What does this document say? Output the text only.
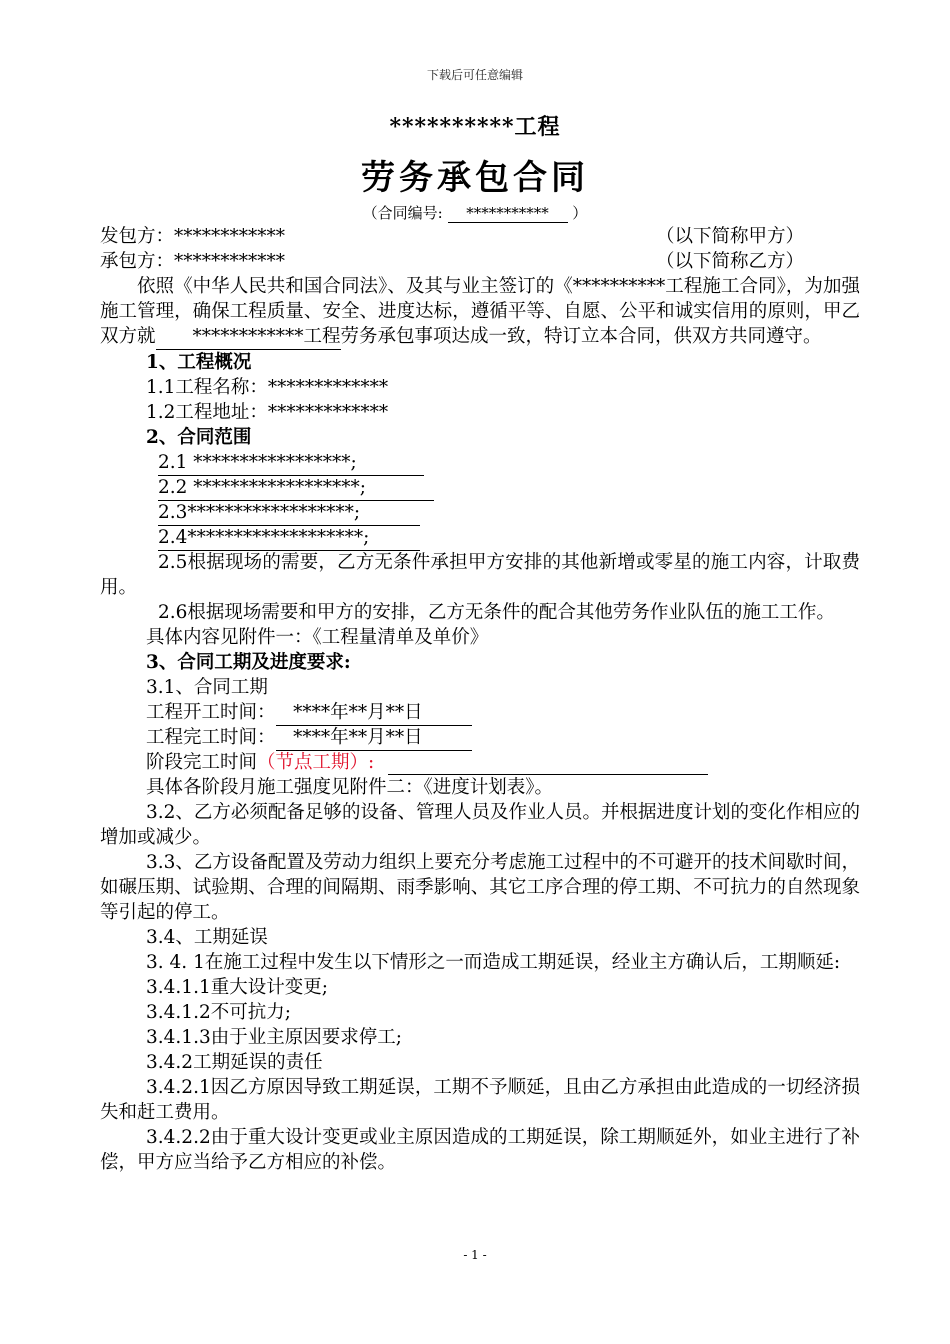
下载后可任意编辑
**********工程
劳务承包合同
（合同编号: *********** ）
发包方：************	（以下简称甲方）
承包方：************	（以下简称乙方）
依照《中华人民共和国合同法》、及其与业主签订的《**********工程施工合同》，为加强施工管理，确保工程质量、安全、进度达标，遵循平等、自愿、公平和诚实信用的原则，甲乙双方就************工程劳务承包事项达成一致，特订立本合同，供双方共同遵守。
1、工程概况
1.1工程名称：*************
1.2工程地址：*************
2、合同范围
2.1 *****************;
2.2 ******************;
2.3******************;
2.4*******************;
2.5根据现场的需要，乙方无条件承担甲方安排的其他新增或零星的施工内容，计取费用。
2.6根据现场需要和甲方的安排，乙方无条件的配合其他劳务作业队伍的施工工作。
具体内容见附件一：《工程量清单及单价》
3、合同工期及进度要求:
3.1、合同工期
工程开工时间：   ****年**月**日
工程完工时间：   ****年**月**日
阶段完工时间（节点工期）:
具体各阶段月施工强度见附件二：《进度计划表》。
3.2、乙方必须配备足够的设备、管理人员及作业人员。并根据进度计划的变化作相应的增加或减少。
3.3、乙方设备配置及劳动力组织上要充分考虑施工过程中的不可避开的技术间歇时间，如碾压期、试验期、合理的间隔期、雨季影响、其它工序合理的停工期、不可抗力的自然现象等引起的停工。
3.4、工期延误
3. 4. 1在施工过程中发生以下情形之一而造成工期延误，经业主方确认后，工期顺延:
3.4.1.1重大设计变更;
3.4.1.2不可抗力;
3.4.1.3由于业主原因要求停工;
3.4.2工期延误的责任
3.4.2.1因乙方原因导致工期延误，工期不予顺延，且由乙方承担由此造成的一切经济损失和赶工费用。
3.4.2.2由于重大设计变更或业主原因造成的工期延误，除工期顺延外，如业主进行了补偿，甲方应当给予乙方相应的补偿。
- 1 -
